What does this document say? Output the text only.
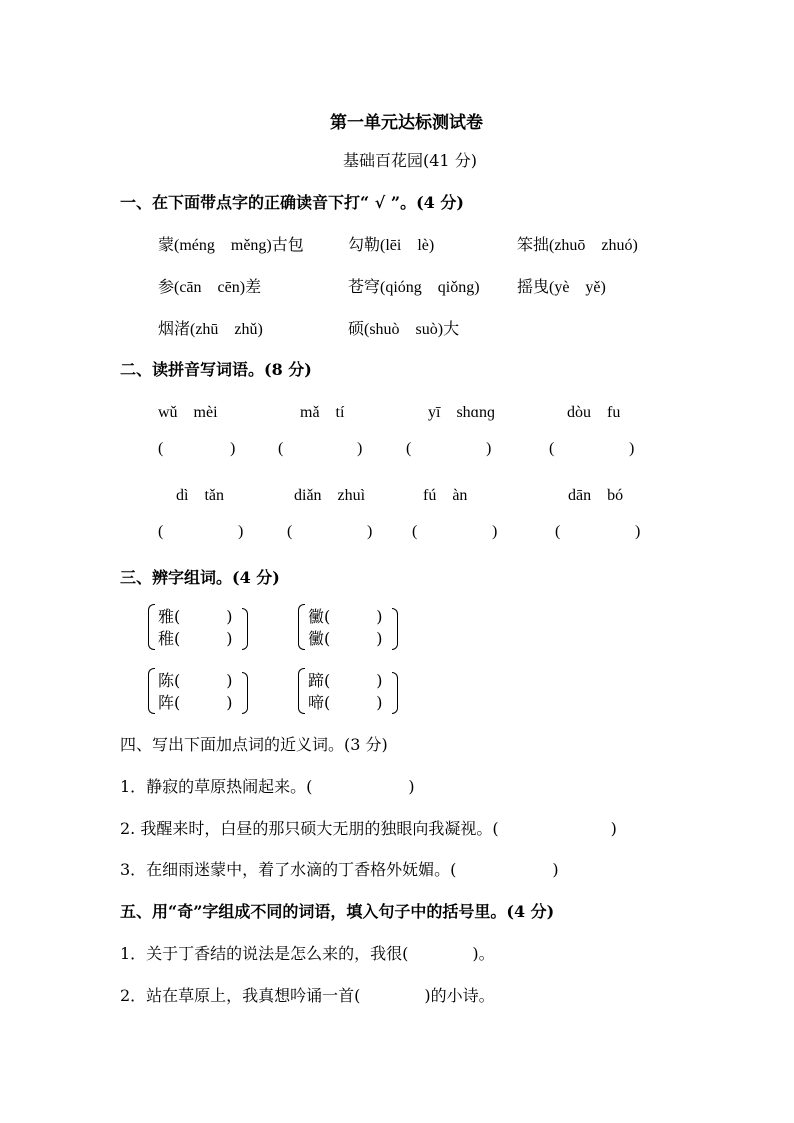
第一单元达标测试卷
基础百花园(41 分)
一、在下面带点字的正确读音下打“ √ ”。(4 分)
蒙(méng　měng)古包	勾勒(lēi　lè)	笨拙(zhuō　zhuó)
参(cān　cēn)差	苍穹(qióng　qiǒng) 摇曳(yè　yě)
烟渚(zhū　zhǔ)	硕(shuò　suò)大
二、读拼音写词语。(8 分)
wǔ　mèi	mǎ　tí	yī　shɑnɡ	dòu　fu
(	)	(	)	(	)	(	)
dì　tǎn	diǎn　zhuì	fú　àn	dān　bó
(	)	(	) (	)	(	)
三、辨字组词。(4 分)
雅(	)
稚(	)
黴(	)
黴(	)
陈(	)
阵(	)
蹄(	)
啼(	)
四、写出下面加点词的近义词。(3 分)
1．静寂的草原热闹起来。(　　　　　　)
2. 我醒来时，白昼的那只硕大无朋的独眼向我凝视。(　　　　　　　)
3．在细雨迷蒙中，着了水滴的丁香格外妩媚。(　　　　　　)
五、用“奇”字组成不同的词语，填入句子中的括号里。(4 分)
1．关于丁香结的说法是怎么来的，我很(　　　　)。
2．站在草原上，我真想吟诵一首(　　　　)的小诗。
